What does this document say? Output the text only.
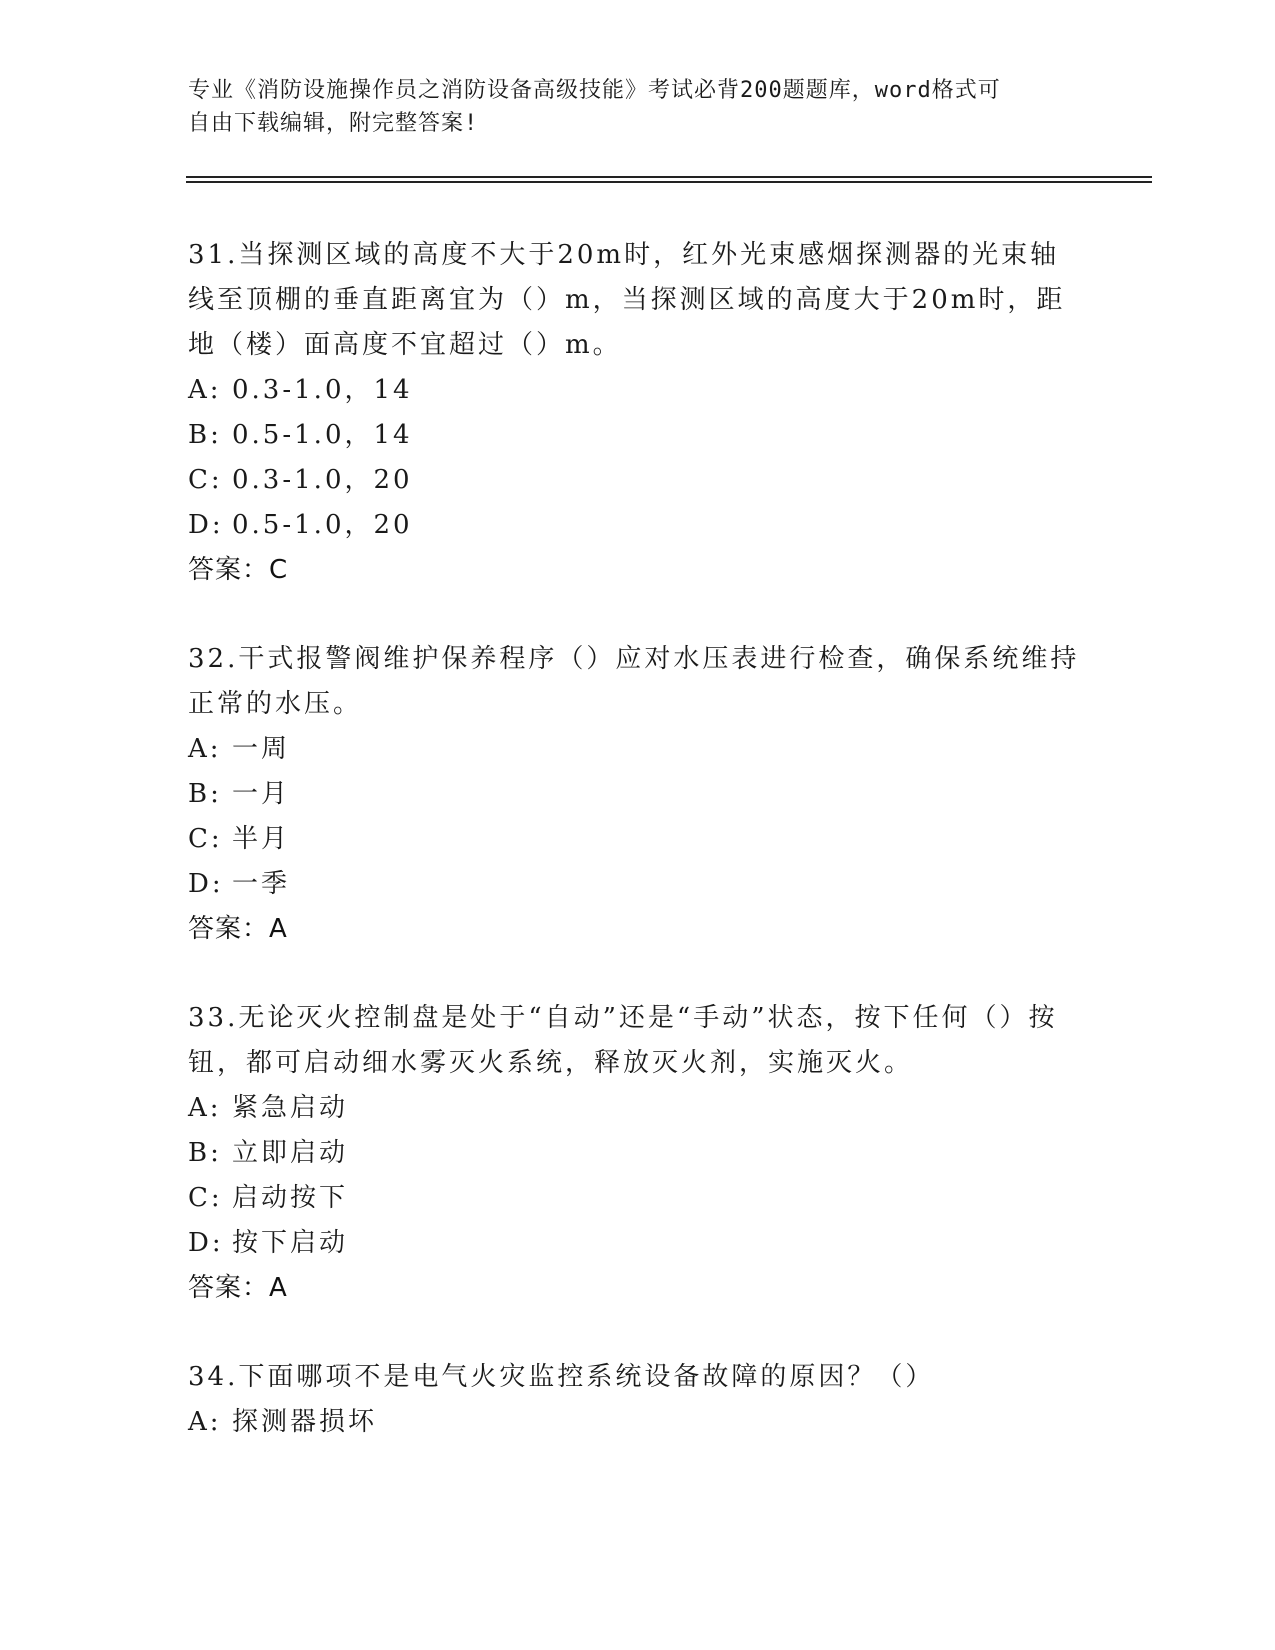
专业《消防设施操作员之消防设备高级技能》考试必背200题题库，word格式可
自由下载编辑，附完整答案!

31.当探测区域的高度不大于20m时，红外光束感烟探测器的光束轴线至顶棚的垂直距离宜为（）m，当探测区域的高度大于20m时，距地（楼）面高度不宜超过（）m。

A: 0.3-1.0，14

B: 0.5-1.0，14

C: 0.3-1.0，20

D: 0.5-1.0，20

答案：C

32.干式报警阀维护保养程序（）应对水压表进行检查，确保系统维持正常的水压。

A: 一周

B: 一月

C: 半月

D: 一季

答案：A

33.无论灭火控制盘是处于“自动”还是“手动”状态，按下任何（）按钮，都可启动细水雾灭火系统，释放灭火剂，实施灭火。

A: 紧急启动

B: 立即启动

C: 启动按下

D: 按下启动

答案：A

34.下面哪项不是电气火灾监控系统设备故障的原因？（）

A: 探测器损坏
